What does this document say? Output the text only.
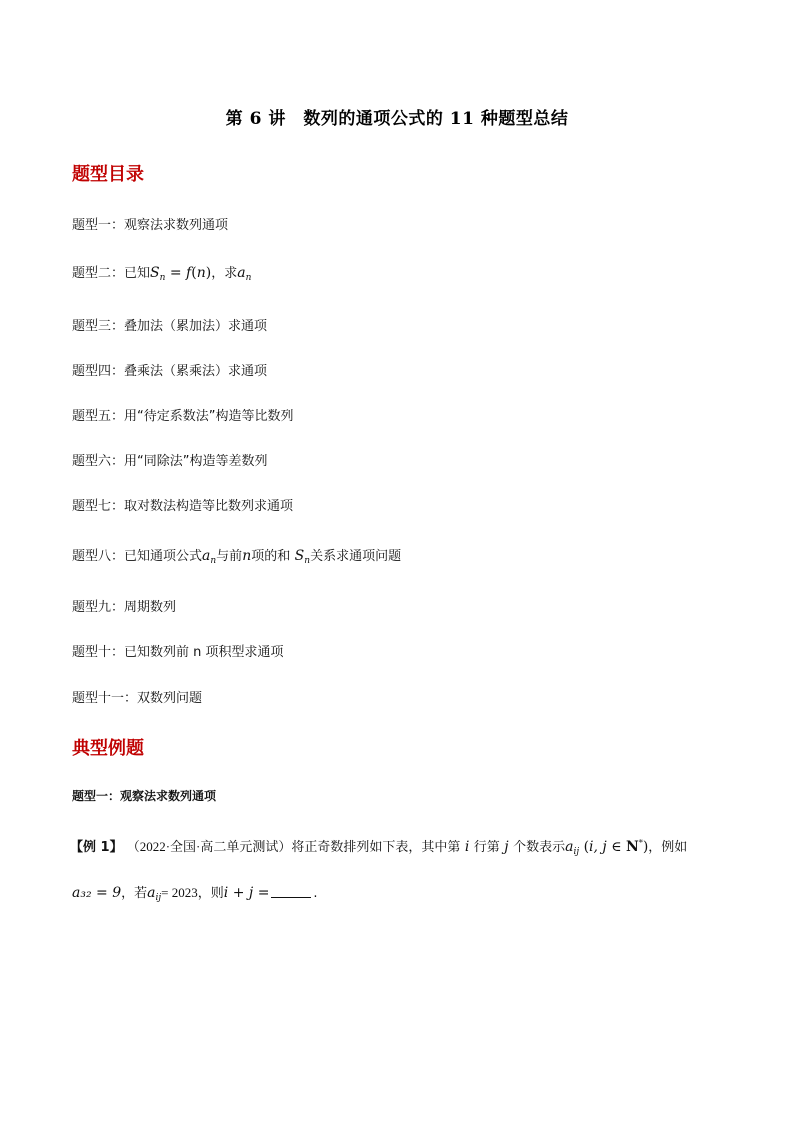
第 6 讲　数列的通项公式的 11 种题型总结
题型目录
题型一：观察法求数列通项
题型二：已知$S_n = f(n)$，求$a_n$
题型三：叠加法（累加法）求通项
题型四：叠乘法（累乘法）求通项
题型五：用“待定系数法”构造等比数列
题型六：用“同除法”构造等差数列
题型七：取对数法构造等比数列求通项
题型八：已知通项公式$a_n$与前n项的和 $S_n$关系求通项问题
题型九：周期数列
题型十：已知数列前 n 项积型求通项
题型十一：双数列问题
典型例题
题型一：观察法求数列通项
【例 1】 （2022·全国·高二单元测试）将正奇数排列如下表，其中第 i 行第 j 个数表示$a_{ij}$ (i, j ∈ N*)，例如
a₃₂ = 9，若$a_{ij}= 2023$，则i + j =	.
